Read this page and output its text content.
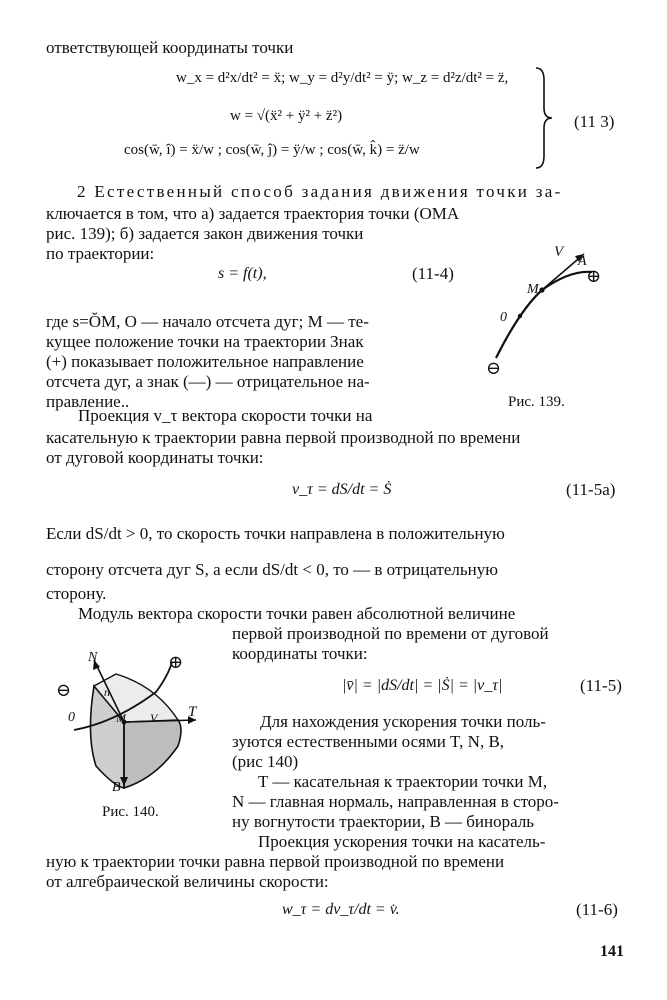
ответствующей координаты точки
w_x = d²x/dt² = ẍ; w_y = d²y/dt² = ÿ; w_z = d²z/dt² = z̈,
w = √(ẍ² + ÿ² + z̈²)
cos(w̄, î) = ẍ/w ; cos(w̄, ĵ) = ÿ/w ; cos(w̄, k̂) = z̈/w
(11 3)
2 Естественный способ задания движения точки за-
ключается в том, что а) задается траектория точки (ОМА
рис. 139); б) задается закон движения точки
по траектории:
s = f(t),	(11-4)
где s=ŎM, O — начало отсчета дуг; M — те-
кущее положение точки на траектории Знак
(+) показывает положительное направление
отсчета дуг, а знак (—) — отрицательное на-
правление..
V
A
M
0
⊕
⊖
Рис. 139.
Проекция v_τ вектора скорости точки на
касательную к траектории равна первой производной по времени
от дуговой координаты точки:
v_τ = dS/dt = Ṡ	(11-5a)
Если dS/dt > 0, то скорость точки направлена в положительную
сторону отсчета дуг S, а если dS/dt < 0, то — в отрицательную
сторону.
Модуль вектора скорости точки равен абсолютной величине
первой производной по времени от дуговой
координаты точки:
|v̄| = |dS/dt| = |Ṡ| = |v_τ|	(11-5)
N	⊕
⊖
0
n
M V T
B
Рис. 140.
Для нахождения ускорения точки поль-
зуются естественными осями T, N, B,
(рис 140)
T — касательная к траектории точки M,
N — главная нормаль, направленная в сторо-
ну вогнутости траектории, B — бинораль
Проекция ускорения точки на касатель-
ную к траектории точки равна первой производной по времени
от алгебраической величины скорости:
w_τ = dv_τ/dt = v̇.	(11-6)
141
